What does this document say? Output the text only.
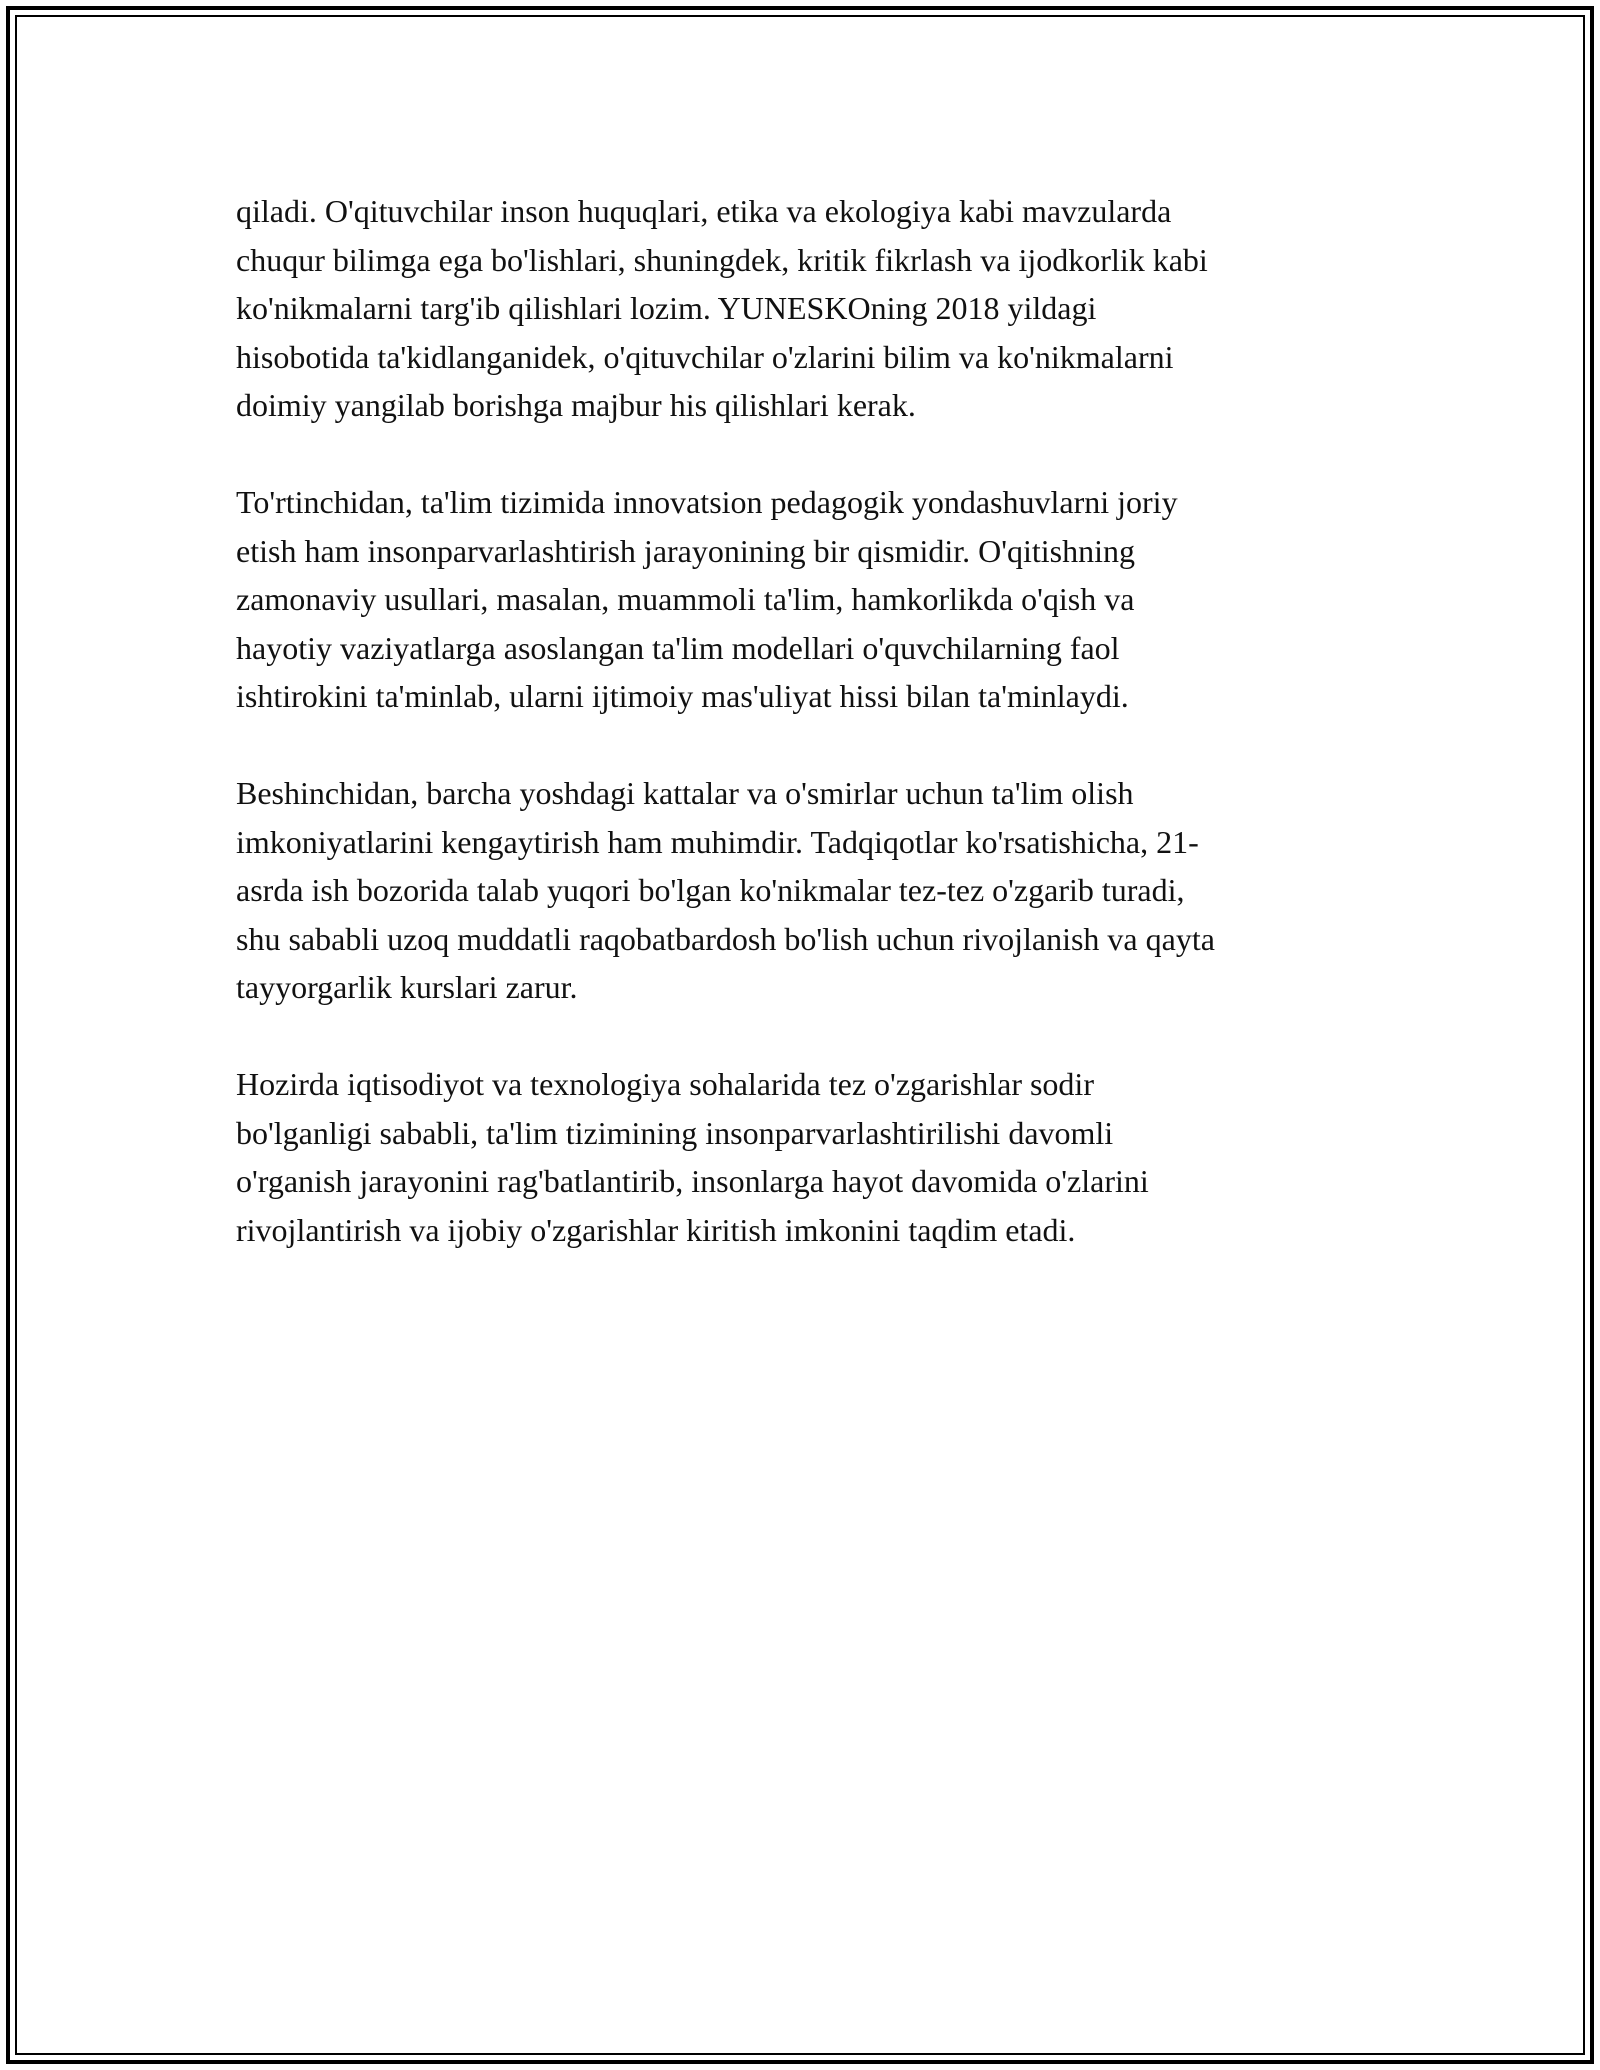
qiladi. O'qituvchilar inson huquqlari, etika va ekologiya kabi mavzularda
chuqur bilimga ega bo'lishlari, shuningdek, kritik fikrlash va ijodkorlik kabi
ko'nikmalarni targ'ib qilishlari lozim. YUNESKOning 2018 yildagi
hisobotida ta'kidlanganidek, o'qituvchilar o'zlarini bilim va ko'nikmalarni
doimiy yangilab borishga majbur his qilishlari kerak.

To'rtinchidan, ta'lim tizimida innovatsion pedagogik yondashuvlarni joriy
etish ham insonparvarlashtirish jarayonining bir qismidir. O'qitishning
zamonaviy usullari, masalan, muammoli ta'lim, hamkorlikda o'qish va
hayotiy vaziyatlarga asoslangan ta'lim modellari o'quvchilarning faol
ishtirokini ta'minlab, ularni ijtimoiy mas'uliyat hissi bilan ta'minlaydi.

Beshinchidan, barcha yoshdagi kattalar va o'smirlar uchun ta'lim olish
imkoniyatlarini kengaytirish ham muhimdir. Tadqiqotlar ko'rsatishicha, 21-
asrda ish bozorida talab yuqori bo'lgan ko'nikmalar tez-tez o'zgarib turadi,
shu sababli uzoq muddatli raqobatbardosh bo'lish uchun rivojlanish va qayta
tayyorgarlik kurslari zarur.

Hozirda iqtisodiyot va texnologiya sohalarida tez o'zgarishlar sodir
bo'lganligi sababli, ta'lim tizimining insonparvarlashtirilishi davomli
o'rganish jarayonini rag'batlantirib, insonlarga hayot davomida o'zlarini
rivojlantirish va ijobiy o'zgarishlar kiritish imkonini taqdim etadi.
